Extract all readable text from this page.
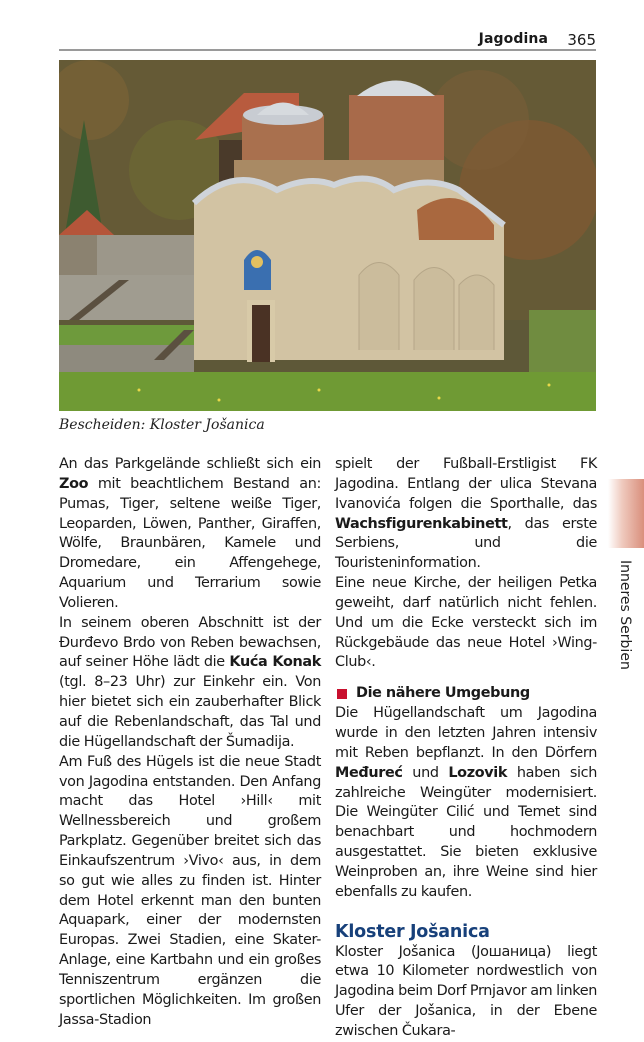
Jagodina 365
Bescheiden: Kloster Jošanica

An das Parkgelände schließt sich ein Zoo mit beachtlichem Bestand an: Pumas, Tiger, seltene weiße Tiger, Leoparden, Löwen, Panther, Giraffen, Wölfe, Braunbären, Kamele und Dromedare, ein Affengehege, Aquarium und Terrarium sowie Volieren.

In seinem oberen Abschnitt ist der Đurđevo Brdo von Reben bewachsen, auf seiner Höhe lädt die Kuća Konak (tgl. 8–23 Uhr) zur Einkehr ein. Von hier bietet sich ein zauberhafter Blick auf die Rebenlandschaft, das Tal und die Hügellandschaft der Šumadija.

Am Fuß des Hügels ist die neue Stadt von Jagodina entstanden. Den Anfang macht das Hotel ›Hill‹ mit Wellnessbereich und großem Parkplatz. Gegenüber breitet sich das Einkaufszentrum ›Vivo‹ aus, in dem so gut wie alles zu finden ist. Hinter dem Hotel erkennt man den bunten Aquapark, einer der modernsten Europas. Zwei Stadien, eine Skater-Anlage, eine Kartbahn und ein großes Tenniszentrum ergänzen die sportlichen Möglichkeiten. Im großen Jassa-Stadion

spielt der Fußball-Erstligist FK Jagodina. Entlang der ulica Stevana Ivanovića folgen die Sporthalle, das Wachsfigurenkabinett, das erste Serbiens, und die Touristeninformation.

Eine neue Kirche, der heiligen Petka geweiht, darf natürlich nicht fehlen. Und um die Ecke versteckt sich im Rückgebäude das neue Hotel ›Wing-Club‹.

Die nähere Umgebung

Die Hügellandschaft um Jagodina wurde in den letzten Jahren intensiv mit Reben bepflanzt. In den Dörfern Međureć und Lozovik haben sich zahlreiche Weingüter modernisiert. Die Weingüter Cilić und Temet sind benachbart und hochmodern ausgestattet. Sie bieten exklusive Weinproben an, ihre Weine sind hier ebenfalls zu kaufen.

Kloster Jošanica

Kloster Jošanica (Јошаница) liegt etwa 10 Kilometer nordwestlich von Jagodina beim Dorf Prnjavor am linken Ufer der Jošanica, in der Ebene zwischen Čukara-

Inneres Serbien
